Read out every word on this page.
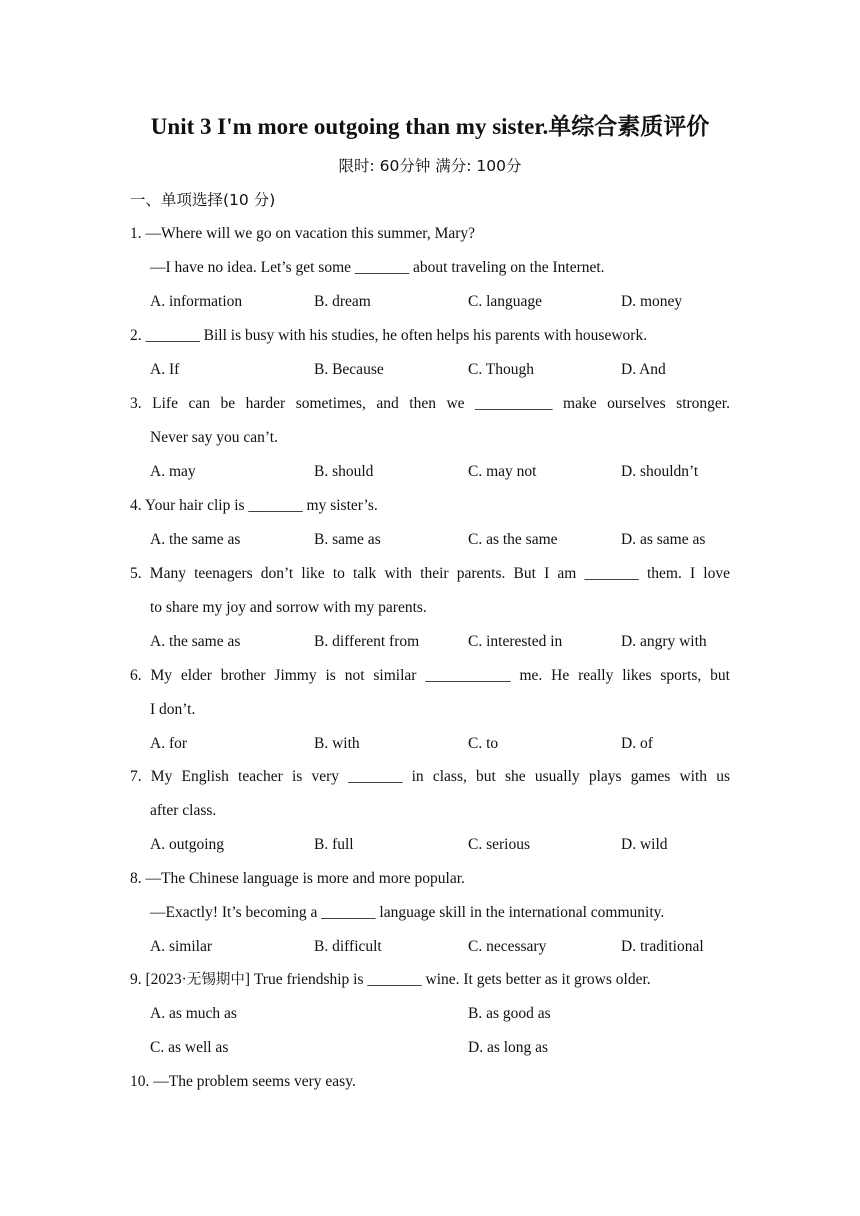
Unit 3 I'm more outgoing than my sister.单综合素质评价
限时: 60分钟 满分: 100分
一、单项选择(10 分)
1. —Where will we go on vacation this summer, Mary?
—I have no idea. Let’s get some _______ about traveling on the Internet.
A. information	B. dream	C. language	D. money
2. _______ Bill is busy with his studies, he often helps his parents with housework.
A. If	B. Because	C. Though	D. And
3. Life can be harder sometimes, and then we __________ make ourselves stronger.
Never say you can’t.
A. may	B. should	C. may not	D. shouldn’t
4. Your hair clip is _______ my sister’s.
A. the same as	B. same as	C. as the same	D. as same as
5. Many teenagers don’t like to talk with their parents. But I am _______ them. I love
to share my joy and sorrow with my parents.
A. the same as	B. different from	C. interested in	D. angry with
6. My elder brother Jimmy is not similar ___________ me. He really likes sports, but
I don’t.
A. for	B. with	C. to	D. of
7. My English teacher is very _______ in class, but she usually plays games with us
after class.
A. outgoing	B. full	C. serious	D. wild
8. —The Chinese language is more and more popular.
—Exactly! It’s becoming a _______ language skill in the international community.
A. similar	B. difficult	C. necessary	D. traditional
9. [2023·无锡期中] True friendship is _______ wine. It gets better as it grows older.
A. as much as	B. as good as
C. as well as	D. as long as
10. —The problem seems very easy.
